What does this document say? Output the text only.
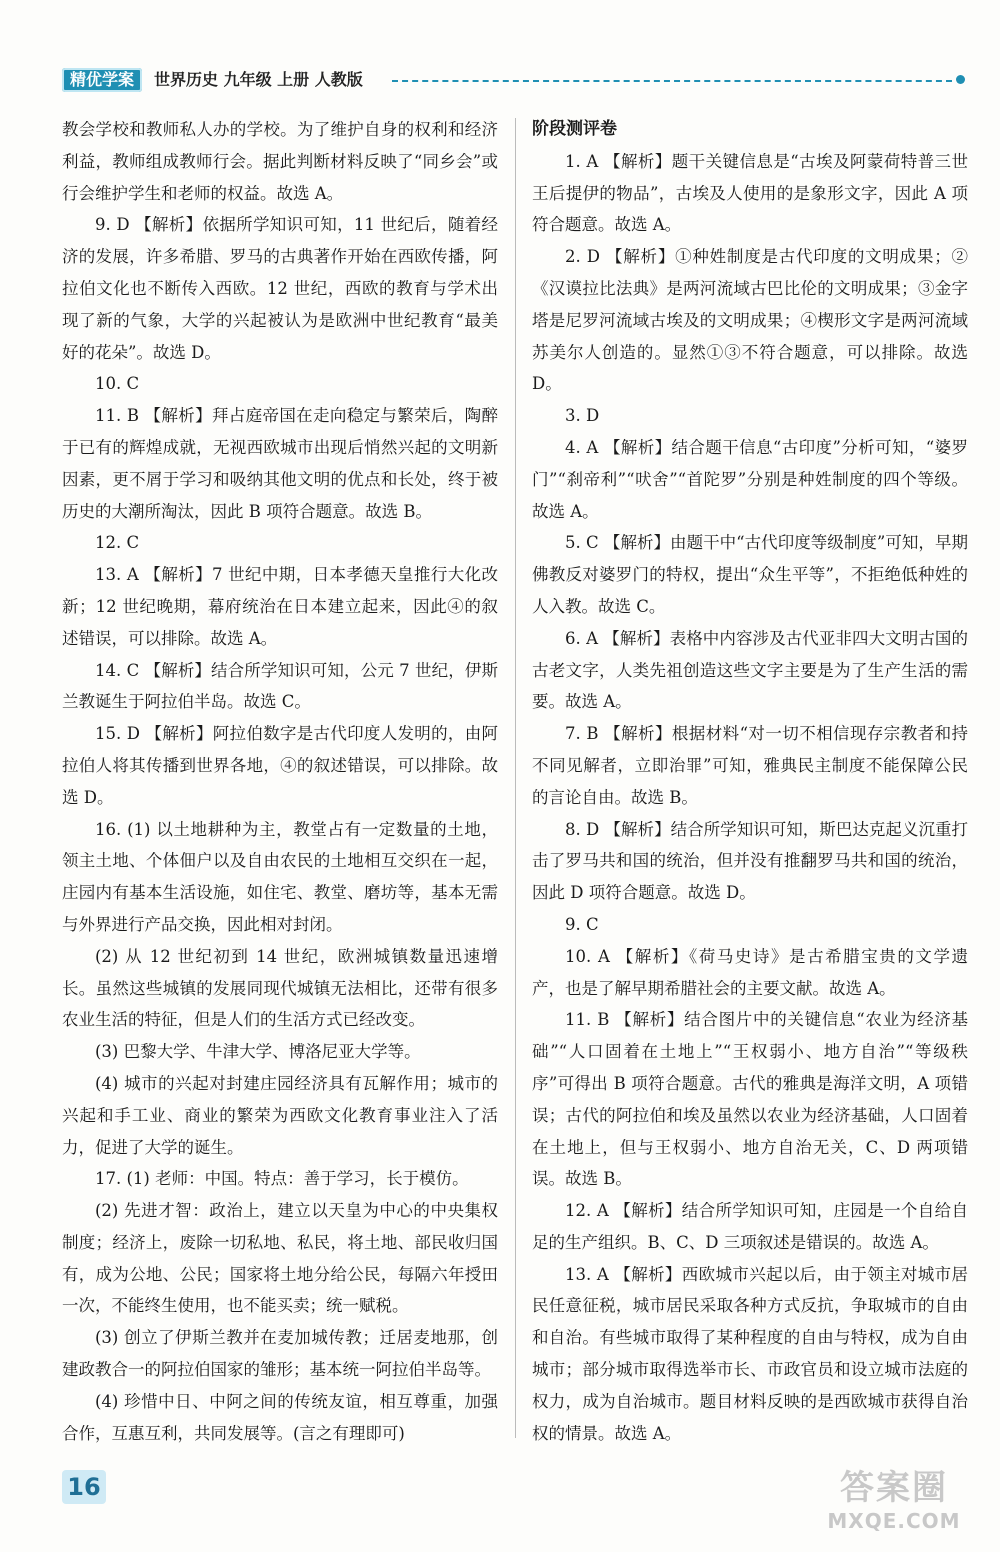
精优学案	世界历史 九年级 上册 人教版

教会学校和教师私人办的学校。为了维护自身的权利和经济利益，教师组成教师行会。据此判断材料反映了“同乡会”或行会维护学生和老师的权益。故选 A。

9. D 【解析】依据所学知识可知，11 世纪后，随着经济的发展，许多希腊、罗马的古典著作开始在西欧传播，阿拉伯文化也不断传入西欧。12 世纪，西欧的教育与学术出现了新的气象，大学的兴起被认为是欧洲中世纪教育“最美好的花朵”。故选 D。

10. C

11. B 【解析】拜占庭帝国在走向稳定与繁荣后，陶醉于已有的辉煌成就，无视西欧城市出现后悄然兴起的文明新因素，更不屑于学习和吸纳其他文明的优点和长处，终于被历史的大潮所淘汰，因此 B 项符合题意。故选 B。

12. C

13. A 【解析】7 世纪中期，日本孝德天皇推行大化改新；12 世纪晚期，幕府统治在日本建立起来，因此④的叙述错误，可以排除。故选 A。

14. C 【解析】结合所学知识可知，公元 7 世纪，伊斯兰教诞生于阿拉伯半岛。故选 C。

15. D 【解析】阿拉伯数字是古代印度人发明的，由阿拉伯人将其传播到世界各地，④的叙述错误，可以排除。故选 D。

16. (1) 以土地耕种为主，教堂占有一定数量的土地，领主土地、个体佃户以及自由农民的土地相互交织在一起，庄园内有基本生活设施，如住宅、教堂、磨坊等，基本无需与外界进行产品交换，因此相对封闭。

(2) 从 12 世纪初到 14 世纪，欧洲城镇数量迅速增长。虽然这些城镇的发展同现代城镇无法相比，还带有很多农业生活的特征，但是人们的生活方式已经改变。

(3) 巴黎大学、牛津大学、博洛尼亚大学等。

(4) 城市的兴起对封建庄园经济具有瓦解作用；城市的兴起和手工业、商业的繁荣为西欧文化教育事业注入了活力，促进了大学的诞生。

17. (1) 老师：中国。特点：善于学习，长于模仿。

(2) 先进才智：政治上，建立以天皇为中心的中央集权制度；经济上，废除一切私地、私民，将土地、部民收归国有，成为公地、公民；国家将土地分给公民，每隔六年授田一次，不能终生使用，也不能买卖；统一赋税。

(3) 创立了伊斯兰教并在麦加城传教；迁居麦地那，创建政教合一的阿拉伯国家的雏形；基本统一阿拉伯半岛等。

(4) 珍惜中日、中阿之间的传统友谊，相互尊重，加强合作，互惠互利，共同发展等。(言之有理即可)

阶段测评卷

1. A 【解析】题干关键信息是“古埃及阿蒙荷特普三世王后提伊的物品”，古埃及人使用的是象形文字，因此 A 项符合题意。故选 A。

2. D 【解析】①种姓制度是古代印度的文明成果；②《汉谟拉比法典》是两河流域古巴比伦的文明成果；③金字塔是尼罗河流域古埃及的文明成果；④楔形文字是两河流域苏美尔人创造的。显然①③不符合题意，可以排除。故选 D。

3. D

4. A 【解析】结合题干信息“古印度”分析可知，“婆罗门”“刹帝利”“吠舍”“首陀罗”分别是种姓制度的四个等级。故选 A。

5. C 【解析】由题干中“古代印度等级制度”可知，早期佛教反对婆罗门的特权，提出“众生平等”，不拒绝低种姓的人入教。故选 C。

6. A 【解析】表格中内容涉及古代亚非四大文明古国的古老文字，人类先祖创造这些文字主要是为了生产生活的需要。故选 A。

7. B 【解析】根据材料“对一切不相信现存宗教者和持不同见解者，立即治罪”可知，雅典民主制度不能保障公民的言论自由。故选 B。

8. D 【解析】结合所学知识可知，斯巴达克起义沉重打击了罗马共和国的统治，但并没有推翻罗马共和国的统治，因此 D 项符合题意。故选 D。

9. C

10. A 【解析】《荷马史诗》是古希腊宝贵的文学遗产，也是了解早期希腊社会的主要文献。故选 A。

11. B 【解析】结合图片中的关键信息“农业为经济基础”“人口固着在土地上”“王权弱小、地方自治”“等级秩序”可得出 B 项符合题意。古代的雅典是海洋文明，A 项错误；古代的阿拉伯和埃及虽然以农业为经济基础，人口固着在土地上，但与王权弱小、地方自治无关，C、D 两项错误。故选 B。

12. A 【解析】结合所学知识可知，庄园是一个自给自足的生产组织。B、C、D 三项叙述是错误的。故选 A。

13. A 【解析】西欧城市兴起以后，由于领主对城市居民任意征税，城市居民采取各种方式反抗，争取城市的自由和自治。有些城市取得了某种程度的自由与特权，成为自由城市；部分城市取得选举市长、市政官员和设立城市法庭的权力，成为自治城市。题目材料反映的是西欧城市获得自治权的情景。故选 A。

16	答案圈
MXQE.COM
